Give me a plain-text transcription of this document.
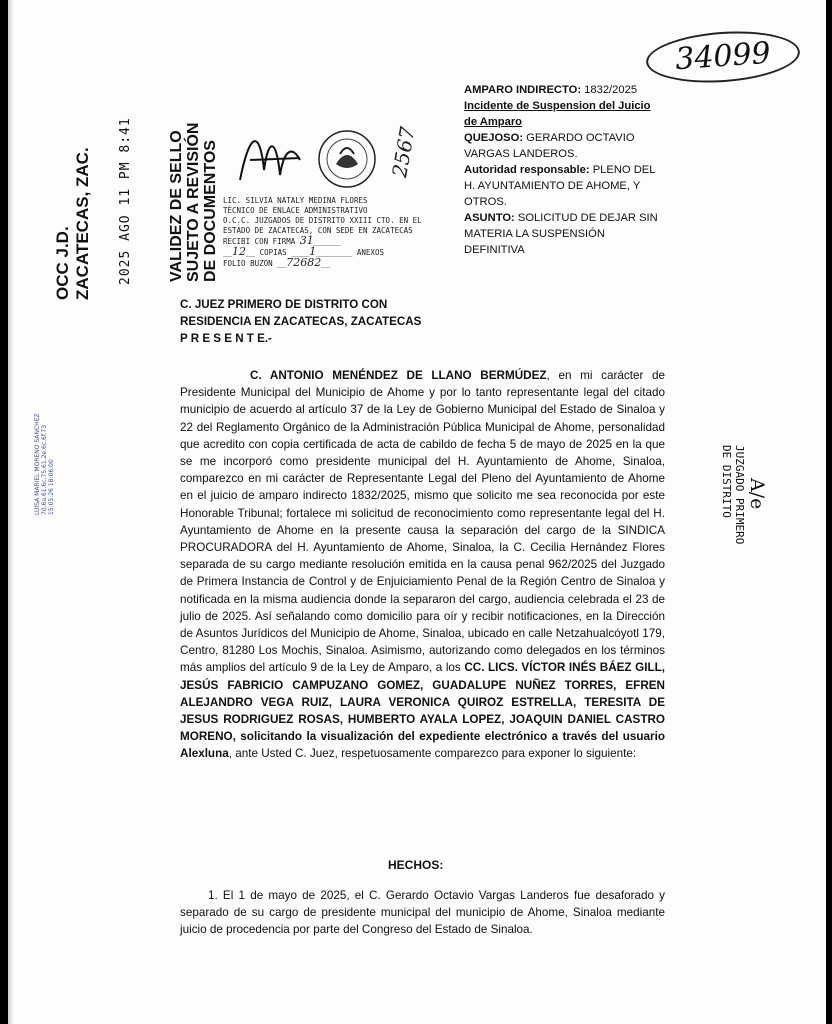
34099
OCC J.D. ZACATECAS, ZAC. 2025 AGO 11 PM 8:41 VALIDEZ DE SELLO SUJETO A REVISIÓN DE DOCUMENTOS
LUISA MARIEL MORENO SÁNCHEZ 70.6a.61.6c.75.61.2e.6c.6f.73 15:05:26 18:06:00
2567
LIC. SILVIA NATALY MEDINA FLORES
TÉCNICO DE ENLACE ADMINISTRATIVO
O.C.C. JUZGADOS DE DISTRITO XXIII CTO. EN EL
ESTADO DE ZACATECAS, CON SEDE EN ZACATECAS
RECIBI CON FIRMA 31______
__12__ COPIAS ____1________ ANEXOS
FOLIO BUZON __72682__
JUZGADO PRIMERO
DE DISTRITO A/e
AMPARO INDIRECTO: 1832/2025
Incidente de Suspension del Juicio de Amparo
QUEJOSO: GERARDO OCTAVIO VARGAS LANDEROS.
Autoridad responsable: PLENO DEL H. AYUNTAMIENTO DE AHOME, Y OTROS.
ASUNTO: SOLICITUD DE DEJAR SIN MATERIA LA SUSPENSIÓN DEFINITIVA
C. JUEZ PRIMERO DE DISTRITO CON
RESIDENCIA EN ZACATECAS, ZACATECAS
P R E S E N T E.-

C. ANTONIO MENÉNDEZ DE LLANO BERMÚDEZ, en mi carácter de Presidente Municipal del Municipio de Ahome y por lo tanto representante legal del citado municipio de acuerdo al artículo 37 de la Ley de Gobierno Municipal del Estado de Sinaloa y 22 del Reglamento Orgánico de la Administración Pública Municipal de Ahome, personalidad que acredito con copia certificada de acta de cabildo de fecha 5 de mayo de 2025 en la que se me incorporó como presidente municipal del H. Ayuntamiento de Ahome, Sinaloa, comparezco en mi carácter de Representante Legal del Pleno del Ayuntamiento de Ahome en el juicio de amparo indirecto 1832/2025, mismo que solicito me sea reconocida por este Honorable Tribunal; fortalece mi solicitud de reconocimiento como representante legal del H. Ayuntamiento de Ahome en la presente causa la separación del cargo de la SINDICA PROCURADORA del H. Ayuntamiento de Ahome, Sinaloa, la C. Cecilia Hernández Flores separada de su cargo mediante resolución emitida en la causa penal 962/2025 del Juzgado de Primera Instancia de Control y de Enjuiciamiento Penal de la Región Centro de Sinaloa y notificada en la misma audiencia donde la separaron del cargo, audiencia celebrada el 23 de julio de 2025. Así señalando como domicilio para oír y recibir notificaciones, en la Dirección de Asuntos Jurídicos del Municipio de Ahome, Sinaloa, ubicado en calle Netzahualcóyotl 179, Centro, 81280 Los Mochis, Sinaloa. Asimismo, autorizando como delegados en los términos más amplios del artículo 9 de la Ley de Amparo, a los CC. LICS. VÍCTOR INÉS BÁEZ GILL, JESÚS FABRICIO CAMPUZANO GOMEZ, GUADALUPE NUÑEZ TORRES, EFREN ALEJANDRO VEGA RUIZ, LAURA VERONICA QUIROZ ESTRELLA, TERESITA DE JESUS RODRIGUEZ ROSAS, HUMBERTO AYALA LOPEZ, JOAQUIN DANIEL CASTRO MORENO, solicitando la visualización del expediente electrónico a través del usuario Alexluna, ante Usted C. Juez, respetuosamente comparezco para exponer lo siguiente:

HECHOS:
1. El 1 de mayo de 2025, el C. Gerardo Octavio Vargas Landeros fue desaforado y separado de su cargo de presidente municipal del municipio de Ahome, Sinaloa mediante juicio de procedencia por parte del Congreso del Estado de Sinaloa.
